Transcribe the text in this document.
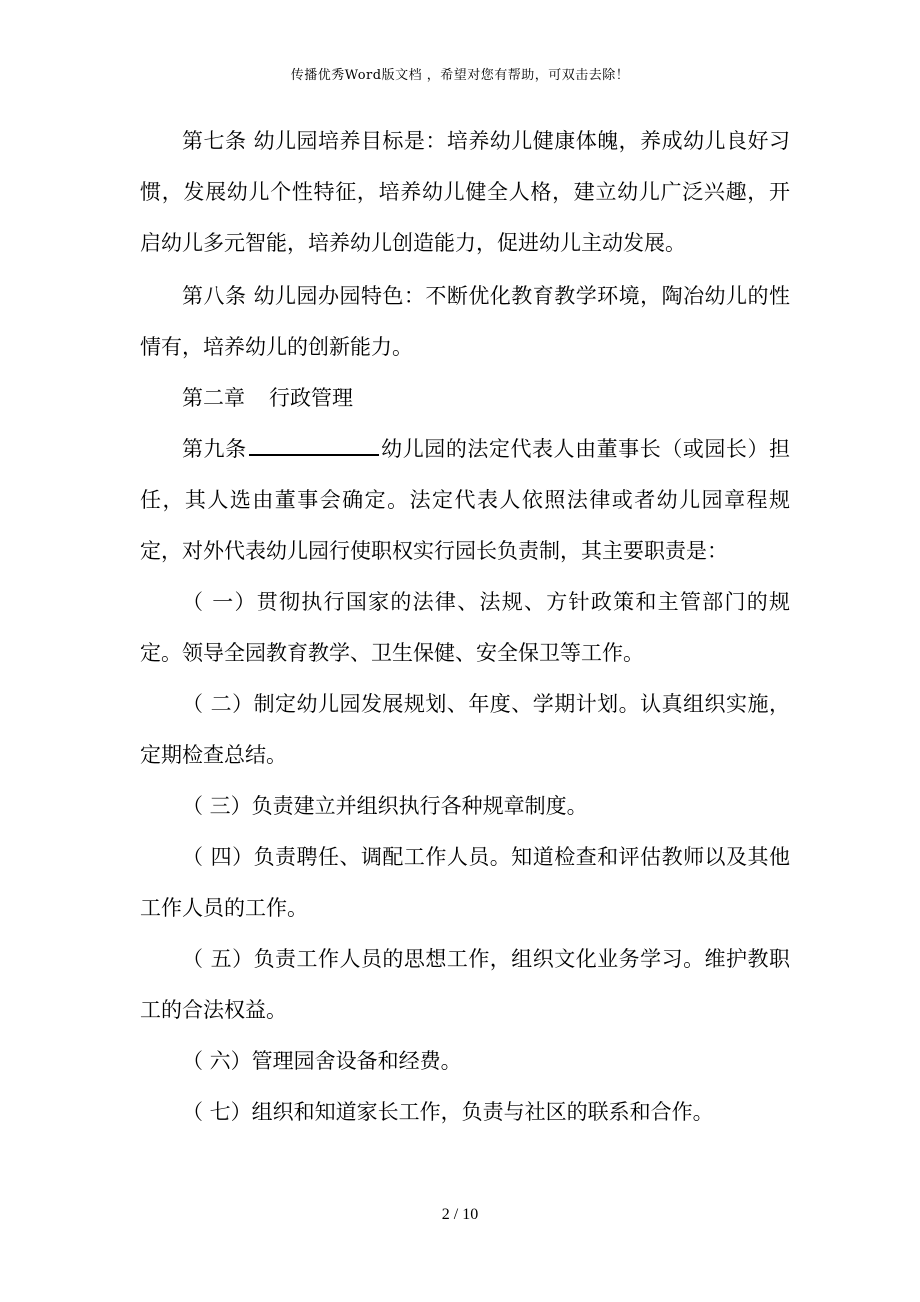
传播优秀Word版文档 ，希望对您有帮助，可双击去除！

第七条 幼儿园培养目标是：培养幼儿健康体魄，养成幼儿良好习惯，发展幼儿个性特征，培养幼儿健全人格，建立幼儿广泛兴趣，开启幼儿多元智能，培养幼儿创造能力，促进幼儿主动发展。

第八条 幼儿园办园特色：不断优化教育教学环境，陶冶幼儿的性情有，培养幼儿的创新能力。

第二章 行政管理

第九条	幼儿园的法定代表人由董事长（或园长）担任，其人选由董事会确定。法定代表人依照法律或者幼儿园章程规定，对外代表幼儿园行使职权实行园长负责制，其主要职责是：

（ 一）贯彻执行国家的法律、法规、方针政策和主管部门的规定。领导全园教育教学、卫生保健、安全保卫等工作。

（ 二）制定幼儿园发展规划、年度、学期计划。认真组织实施，定期检查总结。

（ 三）负责建立并组织执行各种规章制度。

（ 四）负责聘任、调配工作人员。知道检查和评估教师以及其他工作人员的工作。

（ 五）负责工作人员的思想工作，组织文化业务学习。维护教职工的合法权益。

（ 六）管理园舍设备和经费。

（ 七）组织和知道家长工作，负责与社区的联系和合作。

2 / 10
